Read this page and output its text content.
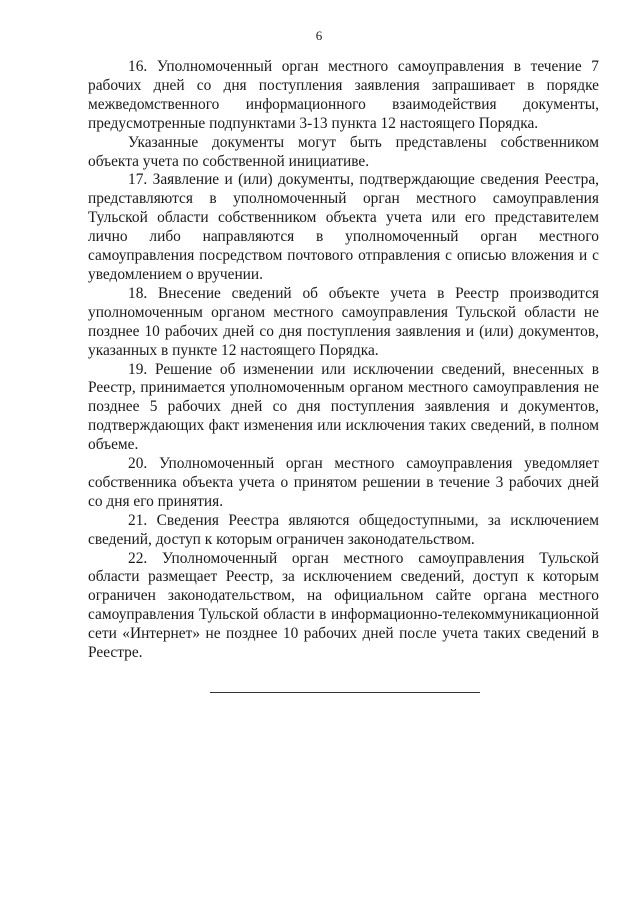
6

16. Уполномоченный орган местного самоуправления в течение 7 рабочих дней со дня поступления заявления запрашивает в порядке межведомственного информационного взаимодействия документы, предусмотренные подпунктами 3-13 пункта 12 настоящего Порядка.

Указанные документы могут быть представлены собственником объекта учета по собственной инициативе.

17. Заявление и (или) документы, подтверждающие сведения Реестра, представляются в уполномоченный орган местного самоуправления Тульской области собственником объекта учета или его представителем лично либо направляются в уполномоченный орган местного самоуправления посредством почтового отправления с описью вложения и с уведомлением о вручении.

18. Внесение сведений об объекте учета в Реестр производится уполномоченным органом местного самоуправления Тульской области не позднее 10 рабочих дней со дня поступления заявления и (или) документов, указанных в пункте 12 настоящего Порядка.

19. Решение об изменении или исключении сведений, внесенных в Реестр, принимается уполномоченным органом местного самоуправления не позднее 5 рабочих дней со дня поступления заявления и документов, подтверждающих факт изменения или исключения таких сведений, в полном объеме.

20. Уполномоченный орган местного самоуправления уведомляет собственника объекта учета о принятом решении в течение 3 рабочих дней со дня его принятия.

21. Сведения Реестра являются общедоступными, за исключением сведений, доступ к которым ограничен законодательством.

22. Уполномоченный орган местного самоуправления Тульской области размещает Реестр, за исключением сведений, доступ к которым ограничен законодательством, на официальном сайте органа местного самоуправления Тульской области в информационно-телекоммуникационной сети «Интернет» не позднее 10 рабочих дней после учета таких сведений в Реестре.
